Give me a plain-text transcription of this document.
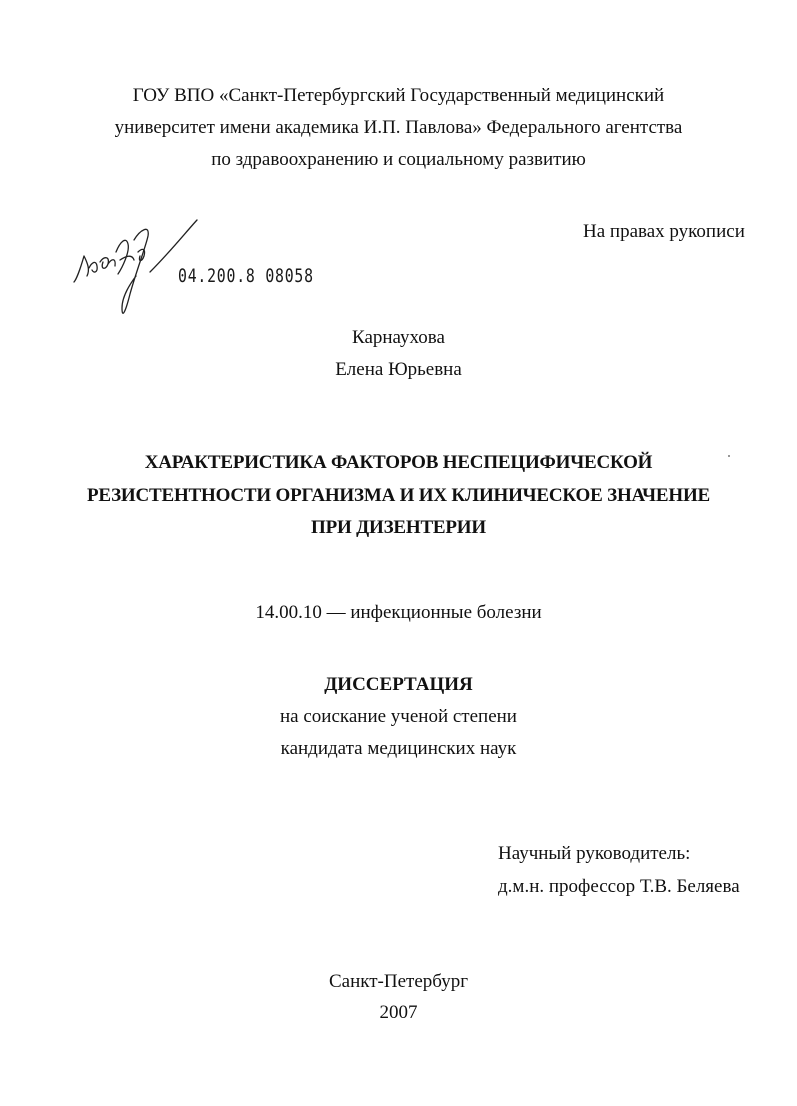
ГОУ ВПО «Санкт-Петербургский Государственный медицинский
университет имени академика И.П. Павлова» Федерального агентства
по здравоохранению и социальному развитию
На правах рукописи
04.200.8 08058
Карнаухова
Елена Юрьевна
ХАРАКТЕРИСТИКА ФАКТОРОВ НЕСПЕЦИФИЧЕСКОЙ
РЕЗИСТЕНТНОСТИ ОРГАНИЗМА И ИХ КЛИНИЧЕСКОЕ ЗНАЧЕНИЕ
ПРИ ДИЗЕНТЕРИИ
14.00.10 — инфекционные болезни
ДИССЕРТАЦИЯ
на соискание ученой степени
кандидата медицинских наук
Научный руководитель:
д.м.н. профессор Т.В. Беляева
Санкт-Петербург
2007
